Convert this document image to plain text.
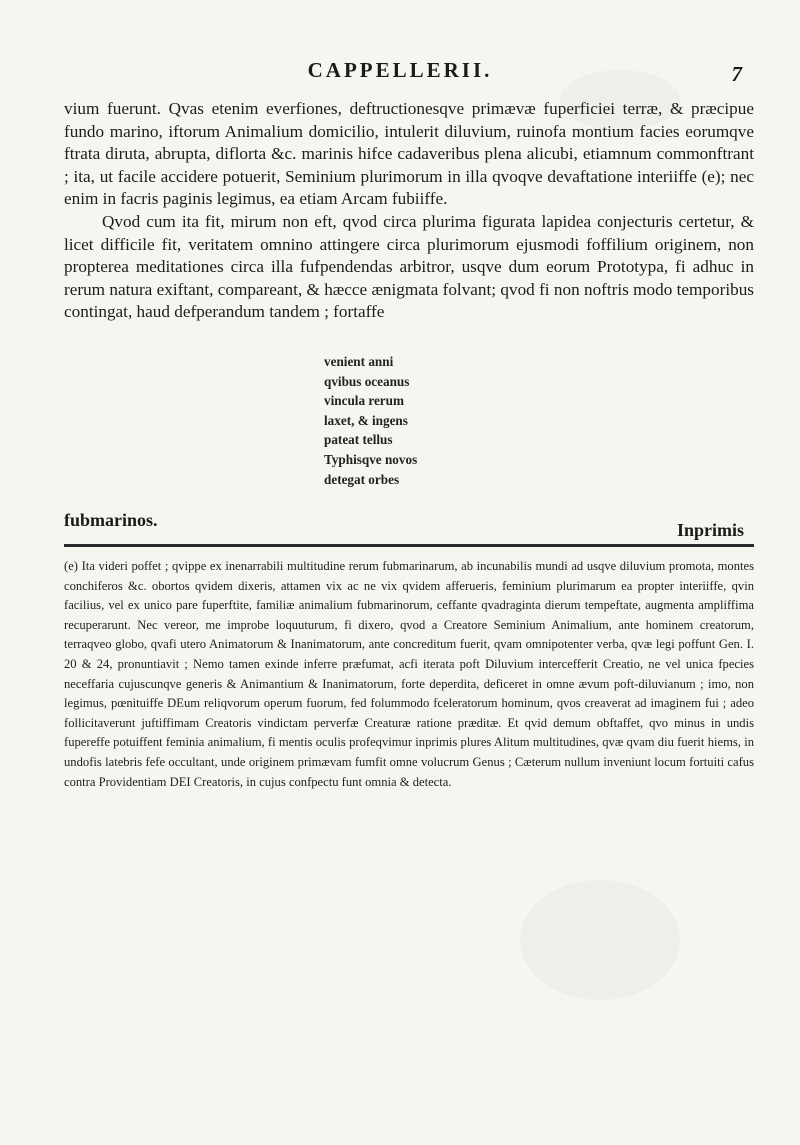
CAPPELLERII.	7

vium fuerunt. Qvas etenim everfiones, deftructionesqve primævæ fuperficiei terræ, & præcipue fundo marino, iftorum Animalium domicilio, intulerit diluvium, ruinofa montium facies eorumqve ftrata diruta, abrupta, diflorta &c. marinis hifce cadaveribus plena alicubi, etiamnum commonftrant ; ita, ut facile accidere potuerit, Seminium plurimorum in illa qvoqve devaftatione interiiffe (e); nec enim in facris paginis legimus, ea etiam Arcam fubiiffe.

Qvod cum ita fit, mirum non eft, qvod circa plurima figurata lapidea conjecturis certetur, & licet difficile fit, veritatem omnino attingere circa plurimorum ejusmodi foffilium originem, non propterea meditationes circa illa fufpendendas arbitror, usqve dum eorum Prototypa, fi adhuc in rerum natura exiftant, compareant, & hæcce ænigmata folvant; qvod fi non noftris modo temporibus contingat, haud defperandum tandem ; fortaffe

venient anni
qvibus oceanus
vincula rerum
laxet, & ingens
pateat tellus
Typhisqve novos
detegat orbes
fubmarinos.	Inprimis

(e) Ita videri poffet ; qvippe ex inenarrabili multitudine rerum fubmarinarum, ab incunabilis mundi ad usqve diluvium promota, montes conchiferos &c. obortos qvidem dixeris, attamen vix ac ne vix qvidem afferueris, feminium plurimarum ea propter interiiffe, qvin facilius, vel ex unico pare fuperftite, familiæ animalium fubmarinorum, ceffante qvadraginta dierum tempeftate, augmenta ampliffima recuperarunt. Nec vereor, me improbe loquuturum, fi dixero, qvod a Creatore Seminium Animalium, ante hominem creatorum, terraqveo globo, qvafi utero Animatorum & Inanimatorum, ante concreditum fuerit, qvam omnipotenter verba, qvæ legi poffunt Gen. I. 20 & 24, pronuntiavit ; Nemo tamen exinde inferre præfumat, acfi iterata poft Diluvium intercefferit Creatio, ne vel unica fpecies neceffaria cujuscunqve generis & Animantium & Inanimatorum, forte deperdita, deficeret in omne ævum poft-diluvianum ; imo, non legimus, pœnituiffe DEum reliqvorum operum fuorum, fed folummodo fceleratorum hominum, qvos creaverat ad imaginem fui ; adeo follicitaverunt juftiffimam Creatoris vindictam perverfæ Creaturæ ratione præditæ. Et qvid demum obftaffet, qvo minus in undis fupereffe potuiffent feminia animalium, fi mentis oculis profeqvimur inprimis plures Alitum multitudines, qvæ qvam diu fuerit hiems, in undofis latebris fefe occultant, unde originem primævam fumfit omne volucrum Genus ; Cæterum nullum inveniunt locum fortuiti cafus contra Providentiam DEI Creatoris, in cujus confpectu funt omnia & detecta.
